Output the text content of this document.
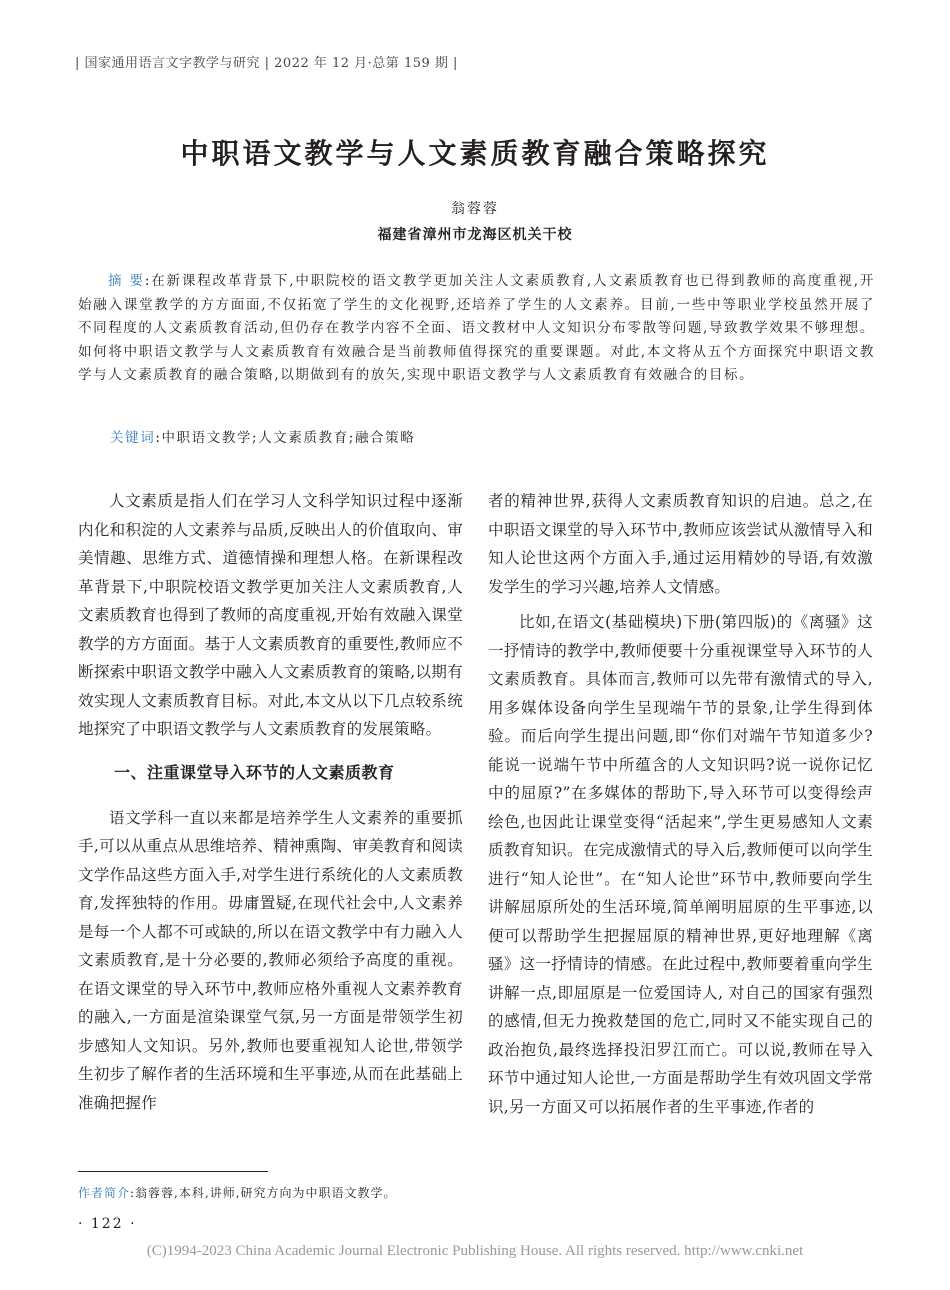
| 国家通用语言文字教学与研究 | 2022 年 12 月·总第 159 期 |
中职语文教学与人文素质教育融合策略探究
翁蓉蓉
福建省漳州市龙海区机关干校
摘 要:在新课程改革背景下,中职院校的语文教学更加关注人文素质教育,人文素质教育也已得到教师的高度重视,开始融入课堂教学的方方面面,不仅拓宽了学生的文化视野,还培养了学生的人文素养。目前,一些中等职业学校虽然开展了不同程度的人文素质教育活动,但仍存在教学内容不全面、语文教材中人文知识分布零散等问题,导致教学效果不够理想。如何将中职语文教学与人文素质教育有效融合是当前教师值得探究的重要课题。对此,本文将从五个方面探究中职语文教学与人文素质教育的融合策略,以期做到有的放矢,实现中职语文教学与人文素质教育有效融合的目标。
关键词:中职语文教学;人文素质教育;融合策略

人文素质是指人们在学习人文科学知识过程中逐渐内化和积淀的人文素养与品质,反映出人的价值取向、审美情趣、思维方式、道德情操和理想人格。在新课程改革背景下,中职院校语文教学更加关注人文素质教育,人文素质教育也得到了教师的高度重视,开始有效融入课堂教学的方方面面。基于人文素质教育的重要性,教师应不断探索中职语文教学中融入人文素质教育的策略,以期有效实现人文素质教育目标。对此,本文从以下几点较系统地探究了中职语文教学与人文素质教育的发展策略。

一、注重课堂导入环节的人文素质教育

语文学科一直以来都是培养学生人文素养的重要抓手,可以从重点从思维培养、精神熏陶、审美教育和阅读文学作品这些方面入手,对学生进行系统化的人文素质教育,发挥独特的作用。毋庸置疑,在现代社会中,人文素养是每一个人都不可或缺的,所以在语文教学中有力融入人文素质教育,是十分必要的,教师必须给予高度的重视。在语文课堂的导入环节中,教师应格外重视人文素养教育的融入,一方面是渲染课堂气氛,另一方面是带领学生初步感知人文知识。另外,教师也要重视知人论世,带领学生初步了解作者的生活环境和生平事迹,从而在此基础上准确把握作

者的精神世界,获得人文素质教育知识的启迪。总之,在中职语文课堂的导入环节中,教师应该尝试从激情导入和知人论世这两个方面入手,通过运用精妙的导语,有效激发学生的学习兴趣,培养人文情感。

比如,在语文(基础模块)下册(第四版)的《离骚》这一抒情诗的教学中,教师便要十分重视课堂导入环节的人文素质教育。具体而言,教师可以先带有激情式的导入, 用多媒体设备向学生呈现端午节的景象,让学生得到体验。而后向学生提出问题,即“你们对端午节知道多少?能说一说端午节中所蕴含的人文知识吗?说一说你记忆中的屈原?”在多媒体的帮助下,导入环节可以变得绘声绘色,也因此让课堂变得“活起来”,学生更易感知人文素质教育知识。在完成激情式的导入后,教师便可以向学生进行“知人论世”。在“知人论世”环节中,教师要向学生讲解屈原所处的生活环境,简单阐明屈原的生平事迹,以便可以帮助学生把握屈原的精神世界,更好地理解《离骚》这一抒情诗的情感。在此过程中,教师要着重向学生讲解一点,即屈原是一位爱国诗人, 对自己的国家有强烈的感情,但无力挽救楚国的危亡,同时又不能实现自己的政治抱负,最终选择投汨罗江而亡。可以说,教师在导入环节中通过知人论世,一方面是帮助学生有效巩固文学常识,另一方面又可以拓展作者的生平事迹,作者的

作者简介:翁蓉蓉,本科,讲师,研究方向为中职语文教学。
· 122 ·
(C)1994-2023 China Academic Journal Electronic Publishing House. All rights reserved. http://www.cnki.net
